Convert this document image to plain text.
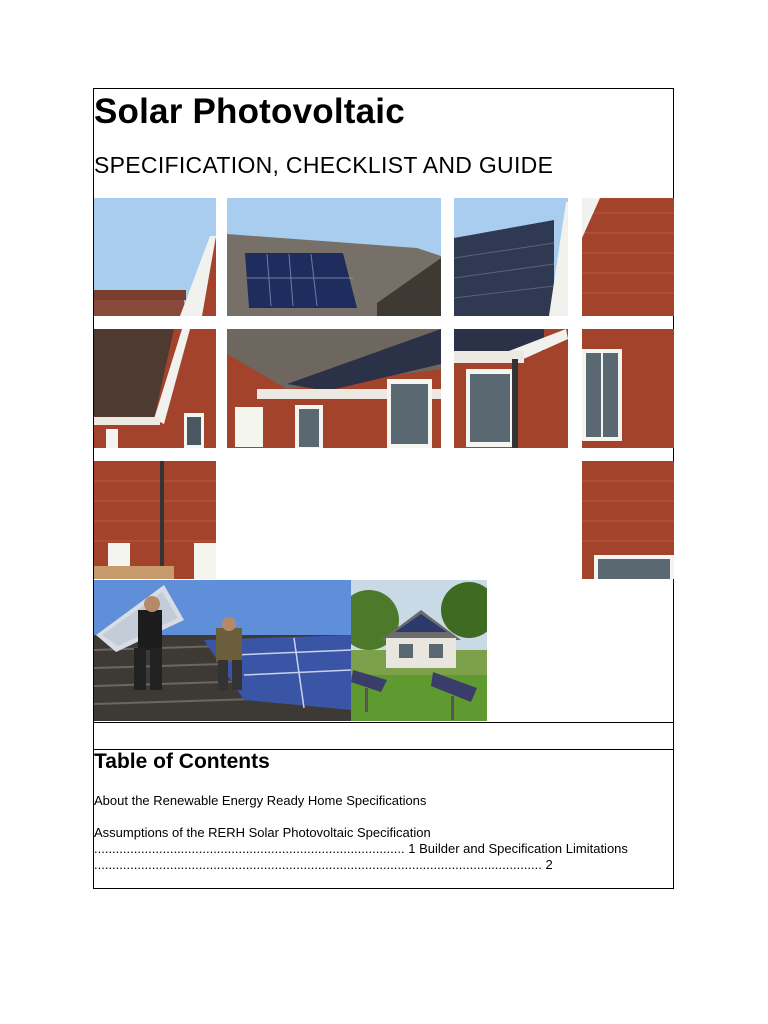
Solar Photovoltaic
SPECIFICATION, CHECKLIST AND GUIDE
Table of Contents
About the Renewable Energy Ready Home Specifications
Assumptions of the RERH Solar Photovoltaic Specification
...................................................................................... 1 Builder and Specification Limitations
............................................................................................................................ 2
